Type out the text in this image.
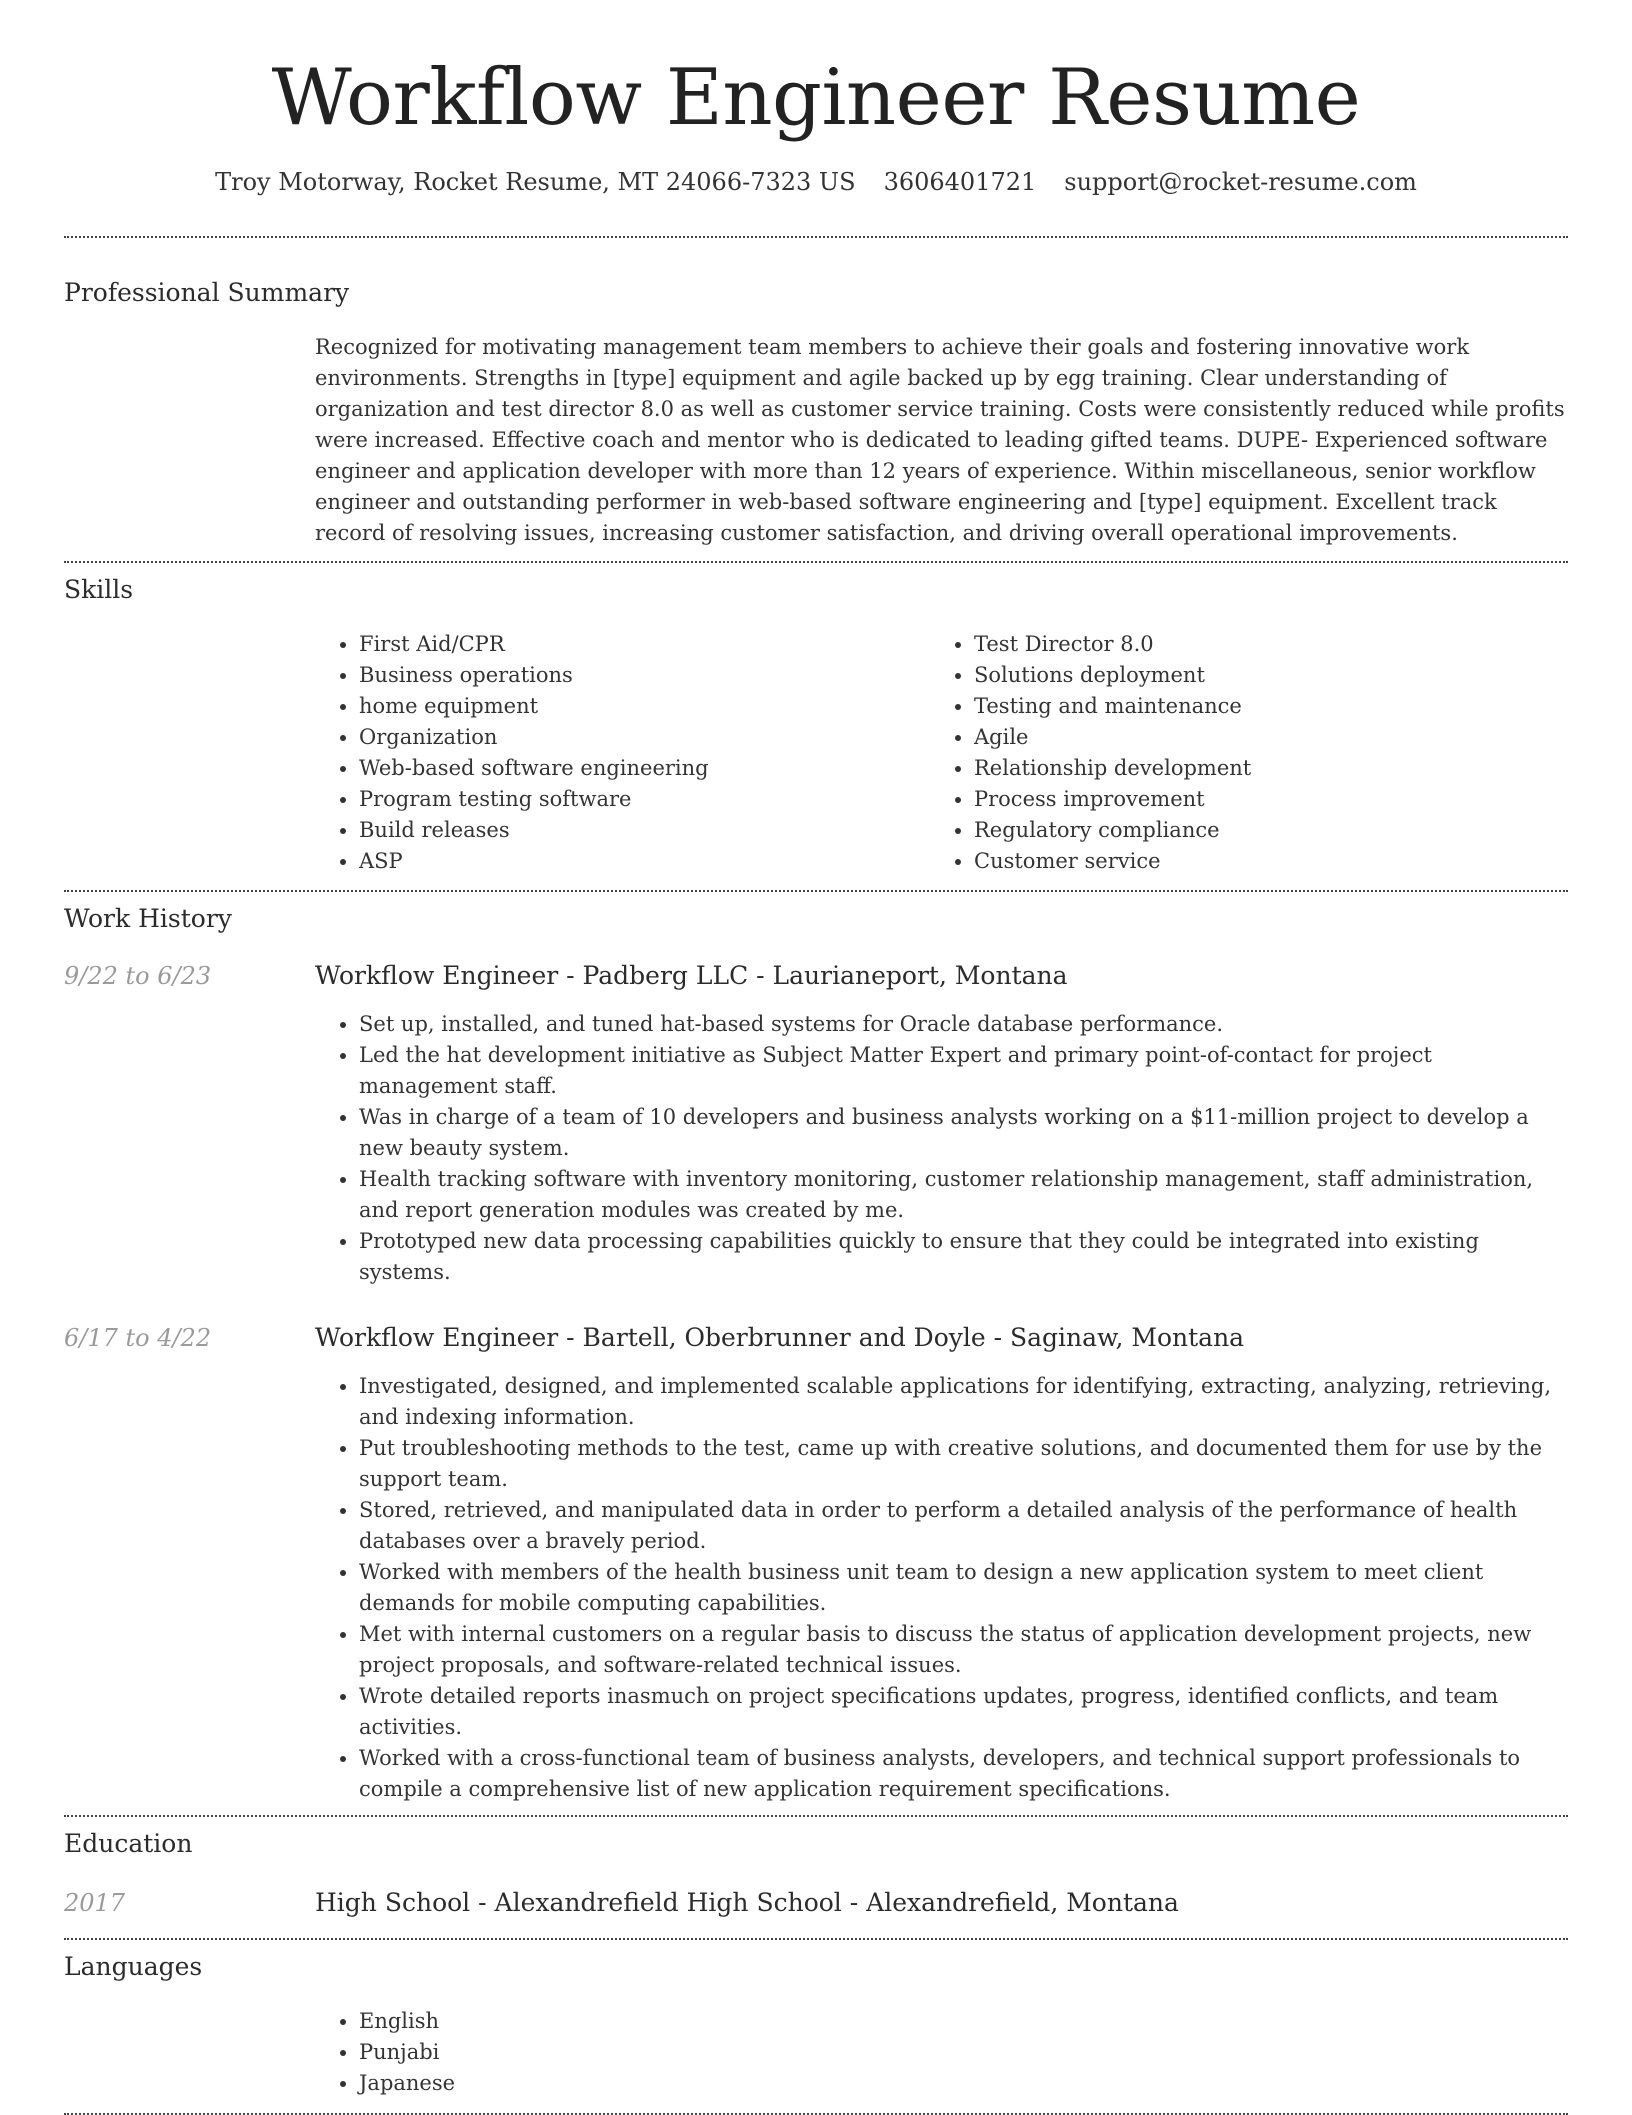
Workflow Engineer Resume
Troy Motorway, Rocket Resume, MT 24066-7323 US 3606401721 support@rocket-resume.com
Professional Summary

Recognized for motivating management team members to achieve their goals and fostering innovative work environments. Strengths in [type] equipment and agile backed up by egg training. Clear understanding of organization and test director 8.0 as well as customer service training. Costs were consistently reduced while profits were increased. Effective coach and mentor who is dedicated to leading gifted teams. DUPE- Experienced software engineer and application developer with more than 12 years of experience. Within miscellaneous, senior workflow engineer and outstanding performer in web-based software engineering and [type] equipment. Excellent track record of resolving issues, increasing customer satisfaction, and driving overall operational improvements.

Skills
• First Aid/CPR
• Business operations
• home equipment
• Organization
• Web-based software engineering
• Program testing software
• Build releases
• ASP
• Test Director 8.0
• Solutions deployment
• Testing and maintenance
• Agile
• Relationship development
• Process improvement
• Regulatory compliance
• Customer service
Work History
9/22 to 6/23	Workflow Engineer - Padberg LLC - Laurianeport, Montana
• Set up, installed, and tuned hat-based systems for Oracle database performance.
• Led the hat development initiative as Subject Matter Expert and primary point-of-contact for project management staff.
• Was in charge of a team of 10 developers and business analysts working on a $11-million project to develop a new beauty system.
• Health tracking software with inventory monitoring, customer relationship management, staff administration, and report generation modules was created by me.
• Prototyped new data processing capabilities quickly to ensure that they could be integrated into existing systems.
6/17 to 4/22	Workflow Engineer - Bartell, Oberbrunner and Doyle - Saginaw, Montana
• Investigated, designed, and implemented scalable applications for identifying, extracting, analyzing, retrieving, and indexing information.
• Put troubleshooting methods to the test, came up with creative solutions, and documented them for use by the support team.
• Stored, retrieved, and manipulated data in order to perform a detailed analysis of the performance of health databases over a bravely period.
• Worked with members of the health business unit team to design a new application system to meet client demands for mobile computing capabilities.
• Met with internal customers on a regular basis to discuss the status of application development projects, new project proposals, and software-related technical issues.
• Wrote detailed reports inasmuch on project specifications updates, progress, identified conflicts, and team activities.
• Worked with a cross-functional team of business analysts, developers, and technical support professionals to compile a comprehensive list of new application requirement specifications.
Education
2017	High School - Alexandrefield High School - Alexandrefield, Montana
Languages
• English
• Punjabi
• Japanese
